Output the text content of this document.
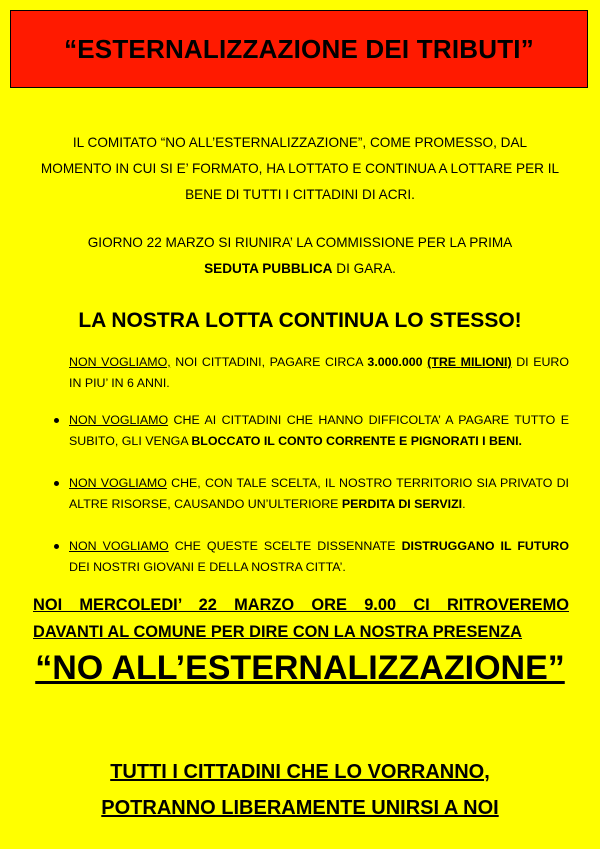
“ESTERNALIZZAZIONE DEI TRIBUTI”
IL COMITATO “NO ALL’ESTERNALIZZAZIONE”, COME PROMESSO, DAL MOMENTO IN CUI SI E’ FORMATO, HA LOTTATO E CONTINUA A LOTTARE PER IL BENE DI TUTTI I CITTADINI DI ACRI.
GIORNO 22 MARZO SI RIUNIRA’ LA COMMISSIONE PER LA PRIMA
SEDUTA PUBBLICA DI GARA.
LA NOSTRA LOTTA CONTINUA LO STESSO!
NON VOGLIAMO, NOI CITTADINI, PAGARE CIRCA 3.000.000 (TRE MILIONI) DI EURO IN PIU’ IN 6 ANNI.
NON VOGLIAMO CHE AI CITTADINI CHE HANNO DIFFICOLTA’ A PAGARE TUTTO E SUBITO, GLI VENGA BLOCCATO IL CONTO CORRENTE E PIGNORATI I BENI.
NON VOGLIAMO CHE, CON TALE SCELTA, IL NOSTRO TERRITORIO SIA PRIVATO DI ALTRE RISORSE, CAUSANDO UN’ULTERIORE PERDITA DI SERVIZI.
NON VOGLIAMO CHE QUESTE SCELTE DISSENNATE DISTRUGGANO IL FUTURO DEI NOSTRI GIOVANI E DELLA NOSTRA CITTA’.
NOI MERCOLEDI’ 22 MARZO ORE 9.00 CI RITROVEREMO
DAVANTI AL COMUNE PER DIRE CON LA NOSTRA PRESENZA
“NO ALL’ESTERNALIZZAZIONE”
TUTTI I CITTADINI CHE LO VORRANNO,
POTRANNO LIBERAMENTE UNIRSI A NOI
